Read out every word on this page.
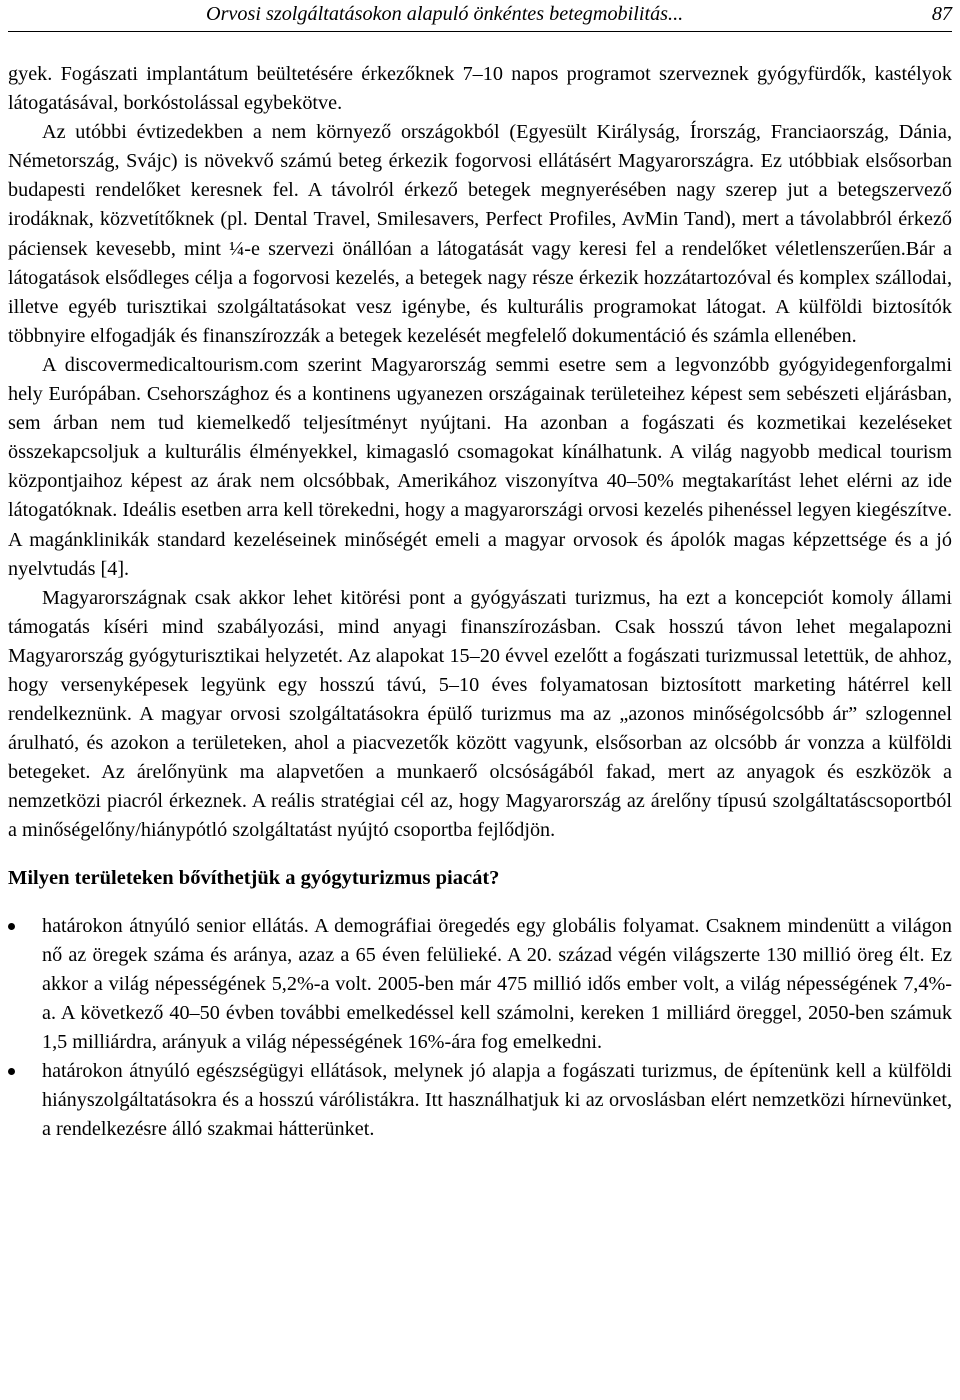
Orvosi szolgáltatásokon alapuló önkéntes betegmobilitás...	87

gyek. Fogászati implantátum beültetésére érkezőknek 7–10 napos programot szerveznek gyógyfürdők, kastélyok látogatásával, borkóstolással egybekötve.

Az utóbbi évtizedekben a nem környező országokból (Egyesült Királyság, Írország, Franciaország, Dánia, Németország, Svájc) is növekvő számú beteg érkezik fogorvosi ellátásért Magyarországra. Ez utóbbiak elsősorban budapesti rendelőket keresnek fel. A távolról érkező betegek megnyerésében nagy szerep jut a betegszervező irodáknak, közvetítőknek (pl. Dental Travel, Smilesavers, Perfect Profiles, AvMin Tand), mert a távolabbról érkező páciensek kevesebb, mint ¼-e szervezi önállóan a látogatását vagy keresi fel a rendelőket véletlenszerűen.Bár a látogatások elsődleges célja a fogorvosi kezelés, a betegek nagy része érkezik hozzátartozóval és komplex szállodai, illetve egyéb turisztikai szolgáltatásokat vesz igénybe, és kulturális programokat látogat. A külföldi biztosítók többnyire elfogadják és finanszírozzák a betegek kezelését megfelelő dokumentáció és számla ellenében.

A discovermedicaltourism.com szerint Magyarország semmi esetre sem a legvonzóbb gyógyidegenforgalmi hely Európában. Csehországhoz és a kontinens ugyanezen országainak területeihez képest sem sebészeti eljárásban, sem árban nem tud kiemelkedő teljesítményt nyújtani. Ha azonban a fogászati és kozmetikai kezeléseket összekapcsoljuk a kulturális élményekkel, kimagasló csomagokat kínálhatunk. A világ nagyobb medical tourism központjaihoz képest az árak nem olcsóbbak, Amerikához viszonyítva 40–50% megtakarítást lehet elérni az ide látogatóknak. Ideális esetben arra kell törekedni, hogy a magyarországi orvosi kezelés pihenéssel legyen kiegészítve. A magánklinikák standard kezeléseinek minőségét emeli a magyar orvosok és ápolók magas képzettsége és a jó nyelvtudás [4].

Magyarországnak csak akkor lehet kitörési pont a gyógyászati turizmus, ha ezt a koncepciót komoly állami támogatás kíséri mind szabályozási, mind anyagi finanszírozásban. Csak hosszú távon lehet megalapozni Magyarország gyógyturisztikai helyzetét. Az alapokat 15–20 évvel ezelőtt a fogászati turizmussal letettük, de ahhoz, hogy versenyképesek legyünk egy hosszú távú, 5–10 éves folyamatosan biztosított marketing hátérrel kell rendelkeznünk. A magyar orvosi szolgáltatásokra épülő turizmus ma az „azonos minőségolcsóbb ár” szlogennel árulható, és azokon a területeken, ahol a piacvezetők között vagyunk, elsősorban az olcsóbb ár vonzza a külföldi betegeket. Az árelőnyünk ma alapvetően a munkaerő olcsóságából fakad, mert az anyagok és eszközök a nemzetközi piacról érkeznek. A reális stratégiai cél az, hogy Magyarország az árelőny típusú szolgáltatáscsoportból a minőségelőny/hiánypótló szolgáltatást nyújtó csoportba fejlődjön.

Milyen területeken bővíthetjük a gyógyturizmus piacát?
határokon átnyúló senior ellátás. A demográfiai öregedés egy globális folyamat. Csaknem mindenütt a világon nő az öregek száma és aránya, azaz a 65 éven felülieké. A 20. század végén világszerte 130 millió öreg élt. Ez akkor a világ népességének 5,2%-a volt. 2005-ben már 475 millió idős ember volt, a világ népességének 7,4%-a. A következő 40–50 évben további emelkedéssel kell számolni, kereken 1 milliárd öreggel, 2050-ben számuk 1,5 milliárdra, arányuk a világ népességének 16%-ára fog emelkedni.
határokon átnyúló egészségügyi ellátások, melynek jó alapja a fogászati turizmus, de építenünk kell a külföldi hiányszolgáltatásokra és a hosszú várólistákra. Itt használhatjuk ki az orvoslásban elért nemzetközi hírnevünket, a rendelkezésre álló szakmai hátterünket.
